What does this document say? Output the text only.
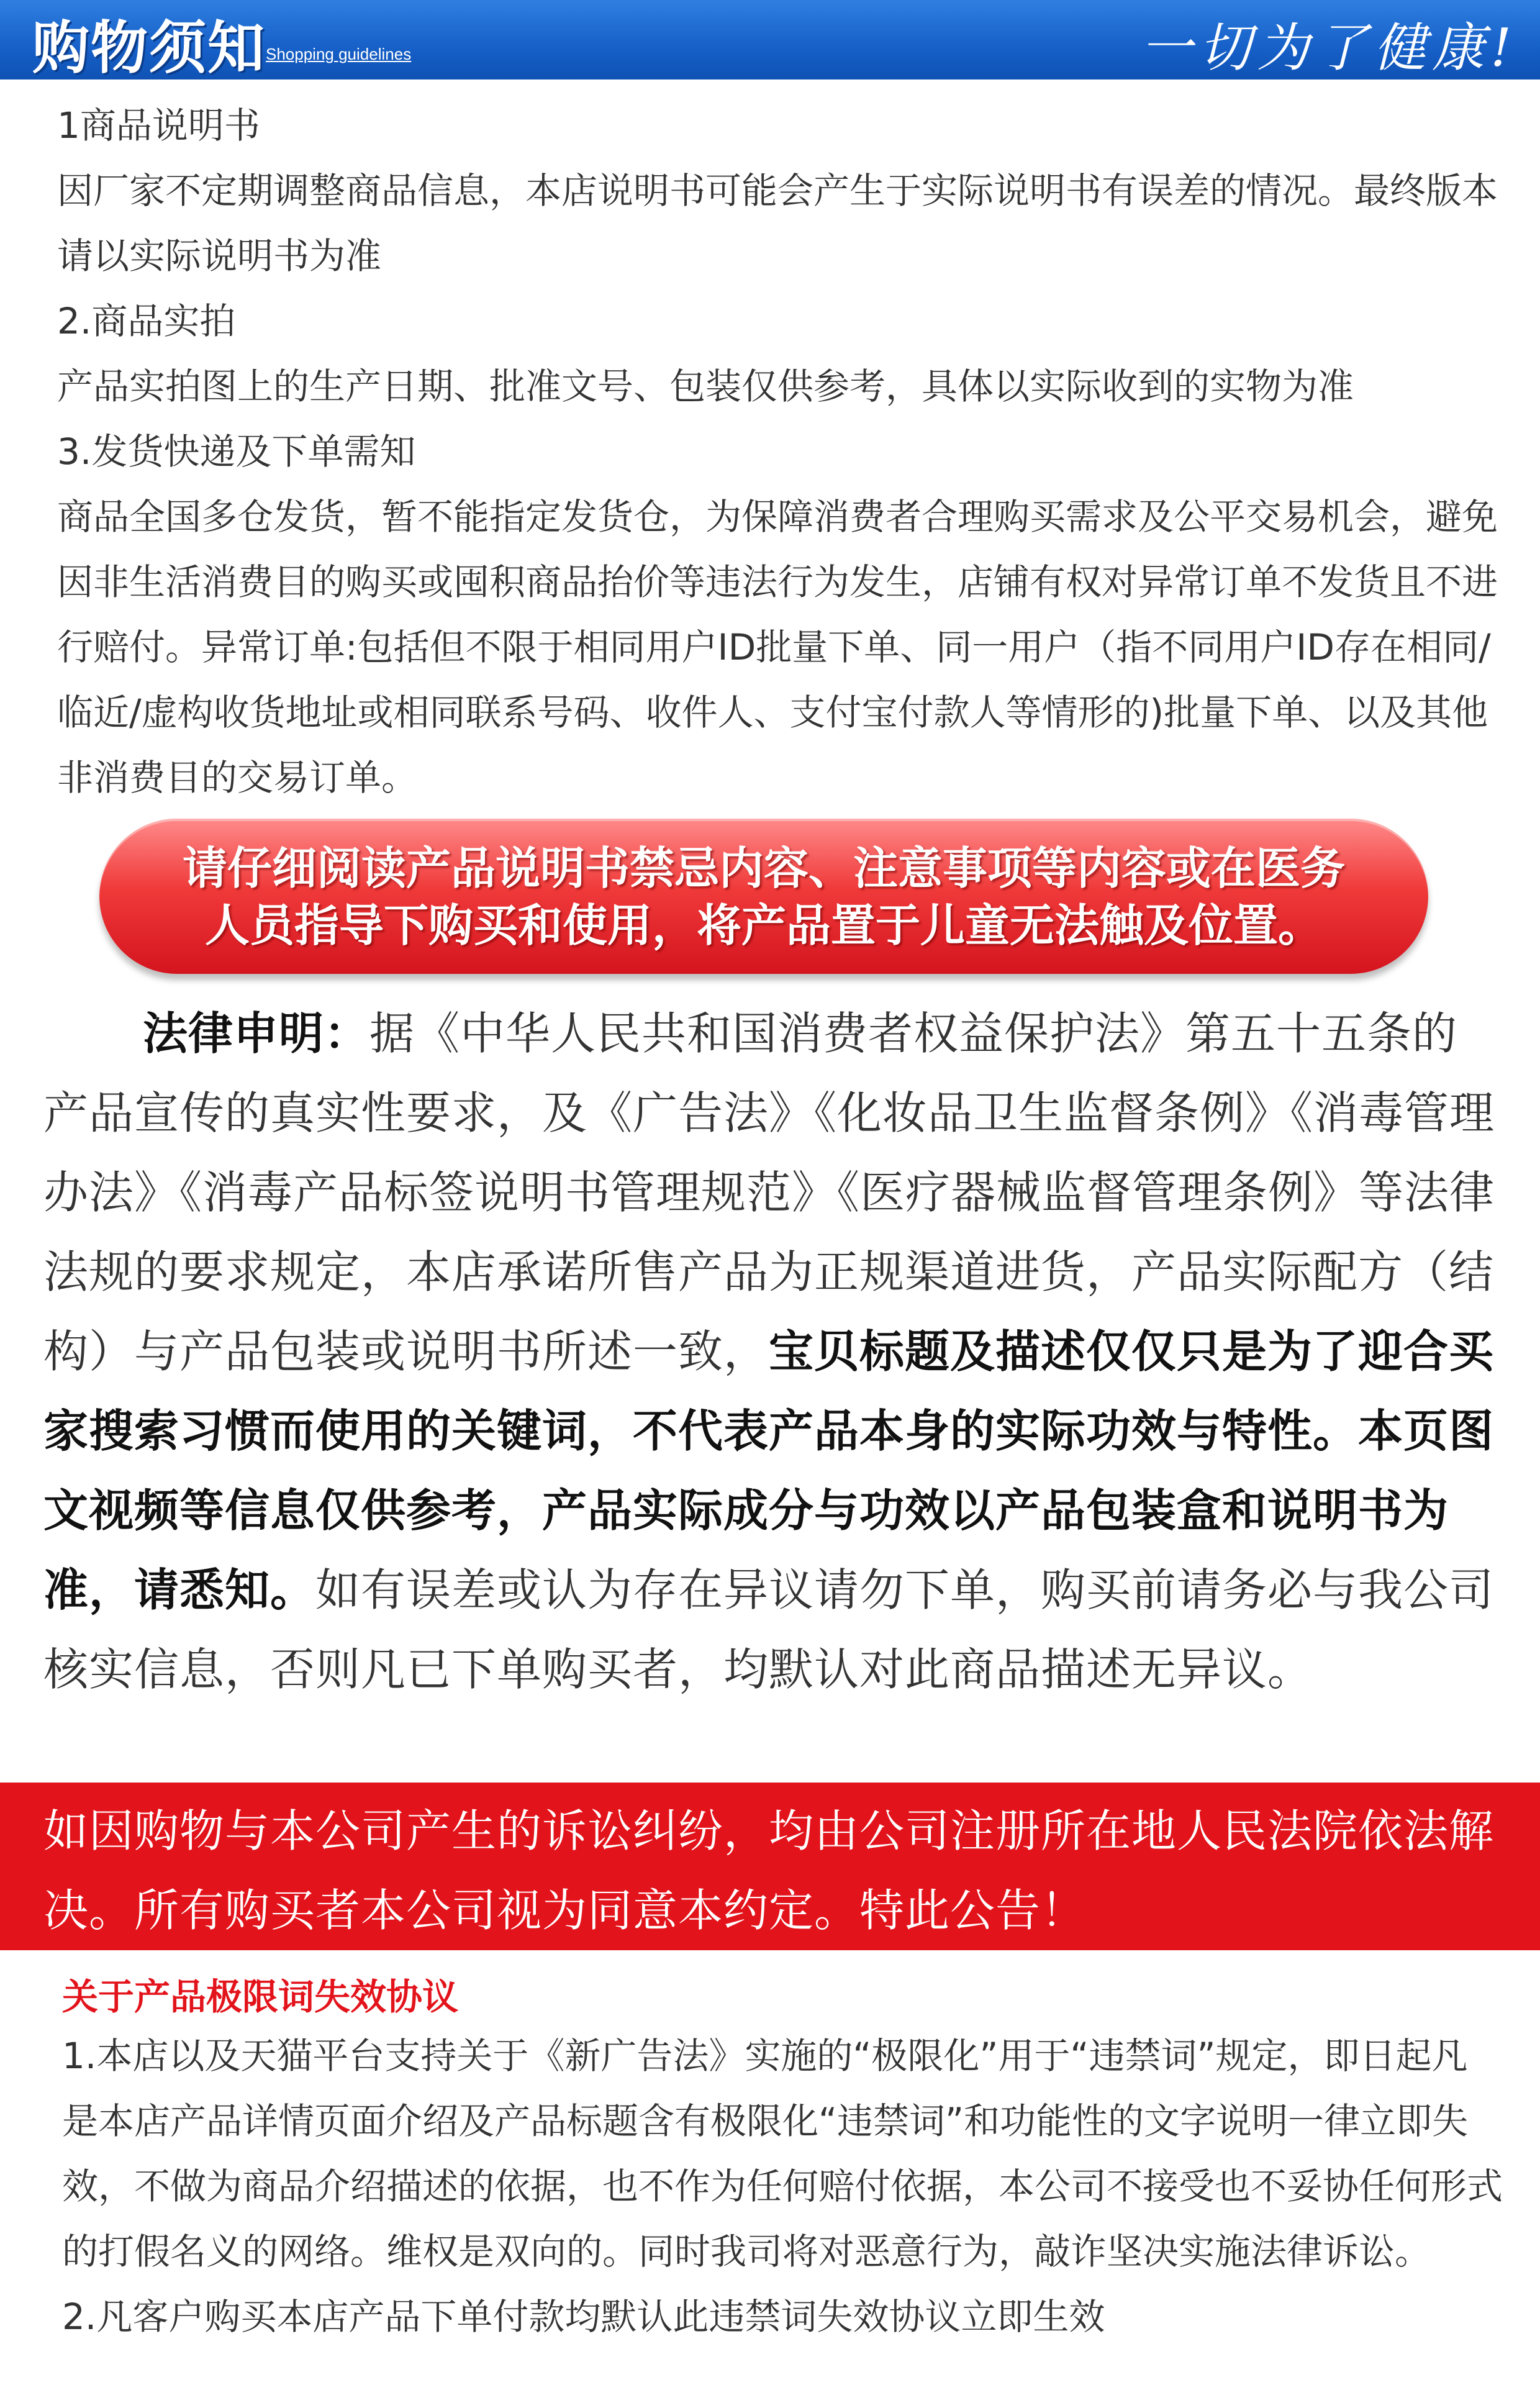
购物须知 Shopping guidelines	一切为了健康!

1商品说明书

因厂家不定期调整商品信息，本店说明书可能会产生于实际说明书有误差的情况。最终版本请以实际说明书为准

2.商品实拍

产品实拍图上的生产日期、批准文号、包装仅供参考，具体以实际收到的实物为准

3.发货快递及下单需知

商品全国多仓发货，暂不能指定发货仓，为保障消费者合理购买需求及公平交易机会，避免因非生活消费目的购买或囤积商品抬价等违法行为发生，店铺有权对异常订单不发货且不进行赔付。异常订单:包括但不限于相同用户ID批量下单、同一用户（指不同用户ID存在相同/临近/虚构收货地址或相同联系号码、收件人、支付宝付款人等情形的)批量下单、以及其他非消费目的交易订单。

请仔细阅读产品说明书禁忌内容、注意事项等内容或在医务
人员指导下购买和使用，将产品置于儿童无法触及位置。

法律申明：据《中华人民共和国消费者权益保护法》第五十五条的产品宣传的真实性要求，及《广告法》《化妆品卫生监督条例》《消毒管理办法》《消毒产品标签说明书管理规范》《医疗器械监督管理条例》等法律法规的要求规定，本店承诺所售产品为正规渠道进货，产品实际配方（结构）与产品包装或说明书所述一致，宝贝标题及描述仅仅只是为了迎合买家搜索习惯而使用的关键词，不代表产品本身的实际功效与特性。本页图文视频等信息仅供参考，产品实际成分与功效以产品包装盒和说明书为准，请悉知。如有误差或认为存在异议请勿下单，购买前请务必与我公司核实信息，否则凡已下单购买者，均默认对此商品描述无异议。

如因购物与本公司产生的诉讼纠纷，均由公司注册所在地人民法院依法解决。所有购买者本公司视为同意本约定。特此公告！

关于产品极限词失效协议

1.本店以及天猫平台支持关于《新广告法》实施的“极限化”用于“违禁词”规定，即日起凡是本店产品详情页面介绍及产品标题含有极限化“违禁词”和功能性的文字说明一律立即失效，不做为商品介绍描述的依据，也不作为任何赔付依据，本公司不接受也不妥协任何形式的打假名义的网络。维权是双向的。同时我司将对恶意行为，敲诈坚决实施法律诉讼。

2.凡客户购买本店产品下单付款均默认此违禁词失效协议立即生效
